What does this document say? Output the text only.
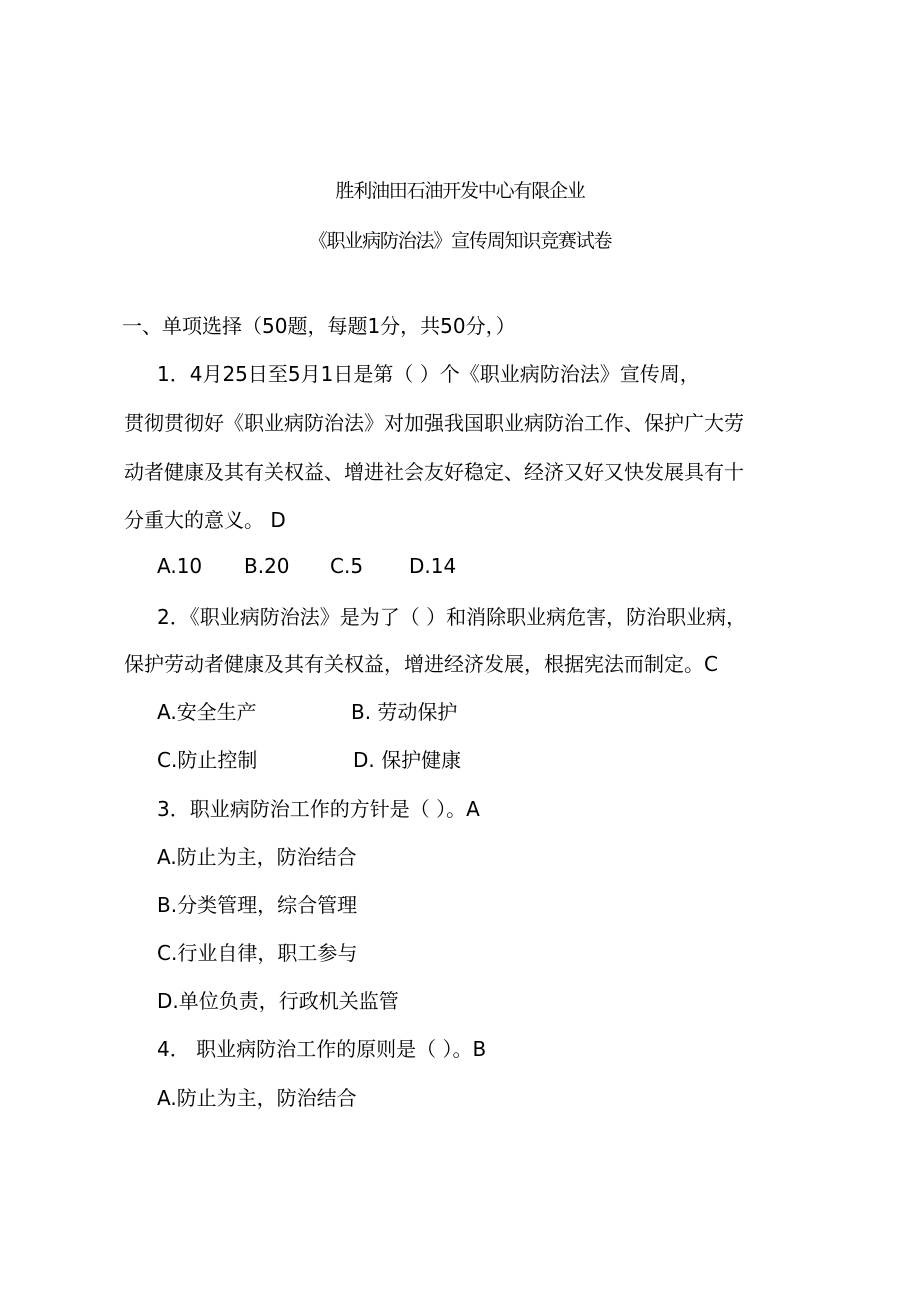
胜利油田石油开发中心有限企业
《职业病防治法》宣传周知识竞赛试卷
一、单项选择（50题，每题1分，共50分，）
1．4月25日至5月1日是第（ ）个《职业病防治法》宣传周，
贯彻贯彻好《职业病防治法》对加强我国职业病防治工作、保护广大劳
动者健康及其有关权益、增进社会友好稳定、经济又好又快发展具有十
分重大的意义。 D
A.10 B.20 C.5 D.14
2．《职业病防治法》是为了（ ）和消除职业病危害，防治职业病，
保护劳动者健康及其有关权益，增进经济发展，根据宪法而制定。C
A.安全生产	B. 劳动保护
C.防止控制	D. 保护健康
3．职业病防治工作的方针是（ ）。A
A.防止为主，防治结合
B.分类管理，综合管理
C.行业自律，职工参与
D.单位负责，行政机关监管
4． 职业病防治工作的原则是（ ）。B
A.防止为主，防治结合
